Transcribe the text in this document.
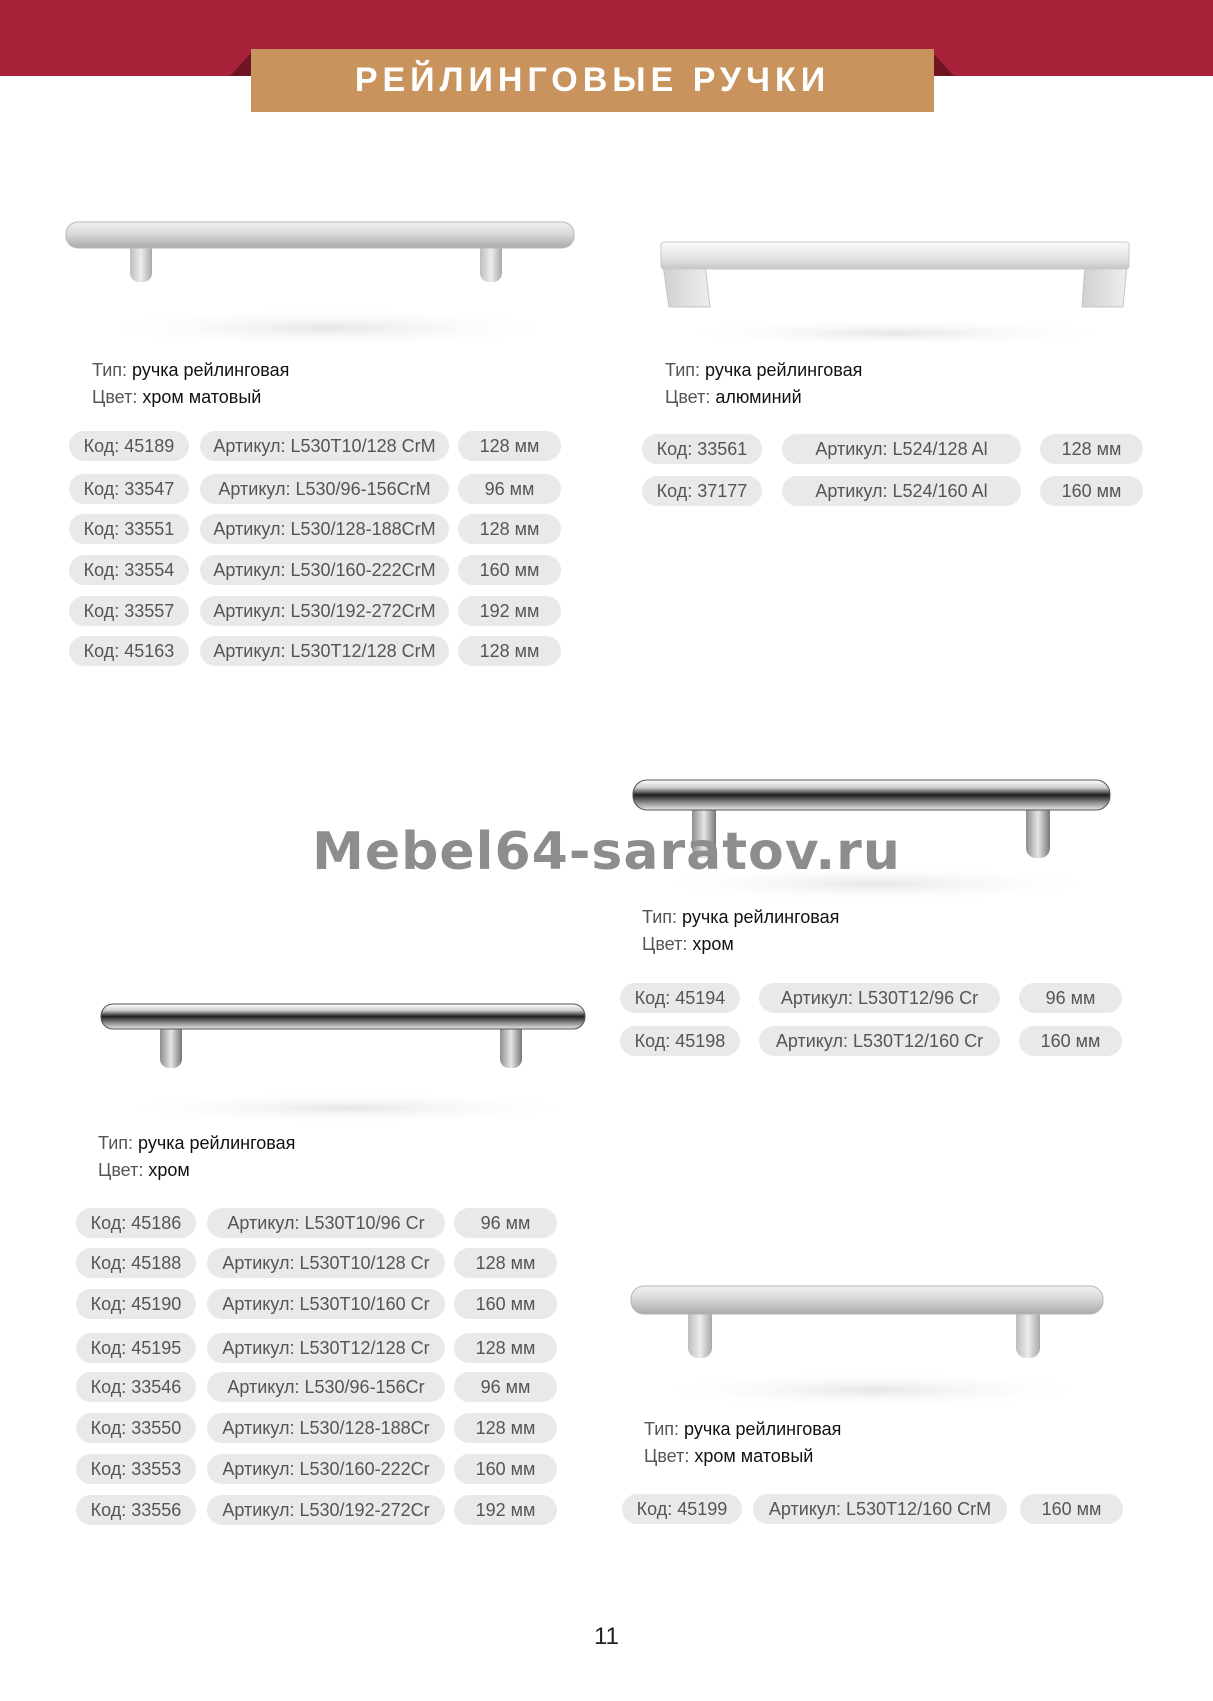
РЕЙЛИНГОВЫЕ РУЧКИ
Тип: ручка рейлинговая
Цвет: хром матовый
Код: 45189	Артикул: L530T10/128 CrM	128 мм
Код: 33547	Артикул: L530/96-156CrM	96 мм
Код: 33551	Артикул: L530/128-188CrM	128 мм
Код: 33554	Артикул: L530/160-222CrM	160 мм
Код: 33557	Артикул: L530/192-272CrM	192 мм
Код: 45163	Артикул: L530T12/128 CrM	128 мм
Тип: ручка рейлинговая
Цвет: алюминий
Код: 33561	Артикул: L524/128 Al	128 мм
Код: 37177	Артикул: L524/160 Al	160 мм
Тип: ручка рейлинговая
Цвет: хром
Код: 45194	Артикул: L530T12/96 Cr	96 мм
Код: 45198	Артикул: L530T12/160 Cr	160 мм
Mebel64-saratov.ru
Тип: ручка рейлинговая
Цвет: хром
Код: 45186	Артикул: L530T10/96 Cr	96 мм
Код: 45188	Артикул: L530T10/128 Cr	128 мм
Код: 45190	Артикул: L530T10/160 Cr	160 мм
Код: 45195	Артикул: L530T12/128 Cr	128 мм
Код: 33546	Артикул: L530/96-156Cr	96 мм
Код: 33550	Артикул: L530/128-188Cr	128 мм
Код: 33553	Артикул: L530/160-222Cr	160 мм
Код: 33556	Артикул: L530/192-272Cr	192 мм
Тип: ручка рейлинговая
Цвет: хром матовый
Код: 45199	Артикул: L530T12/160 CrM	160 мм
11
